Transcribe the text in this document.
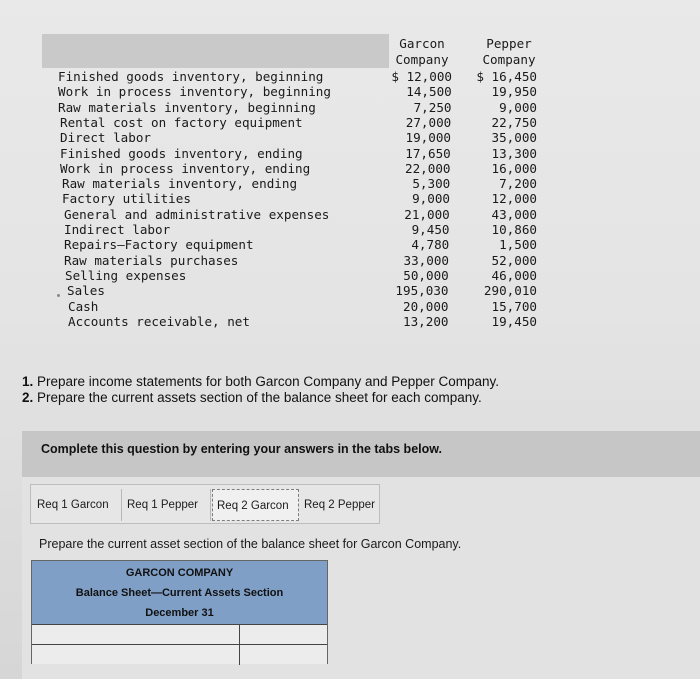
Garcon
Company
Pepper
Company
Finished goods inventory, beginning	$ 12,000	$ 16,450
Work in process inventory, beginning	14,500	19,950
Raw materials inventory, beginning	7,250	9,000
Rental cost on factory equipment	27,000	22,750
Direct labor	19,000	35,000
Finished goods inventory, ending	17,650	13,300
Work in process inventory, ending	22,000	16,000
Raw materials inventory, ending	5,300	7,200
Factory utilities	9,000	12,000
General and administrative expenses	21,000	43,000
Indirect labor	9,450	10,860
Repairs—Factory equipment	4,780	1,500
Raw materials purchases	33,000	52,000
Selling expenses	50,000	46,000
Sales	195,030	290,010
Cash	20,000	15,700
Accounts receivable, net	13,200	19,450
1. Prepare income statements for both Garcon Company and Pepper Company.
2. Prepare the current assets section of the balance sheet for each company.
Complete this question by entering your answers in the tabs below.
Req 1 Garcon	Req 1 Pepper	Req 2 Garcon	Req 2 Pepper
Prepare the current asset section of the balance sheet for Garcon Company.
GARCON COMPANY
Balance Sheet—Current Assets Section
December 31
